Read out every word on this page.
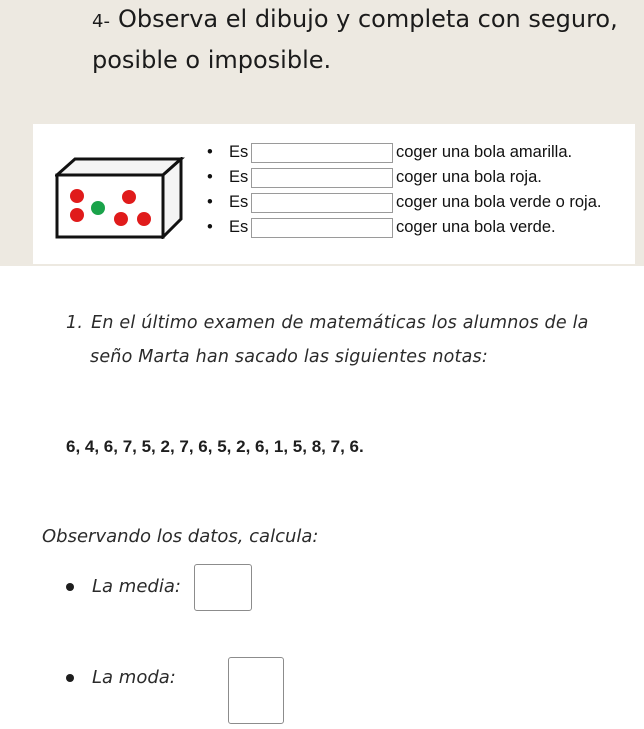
4- Observa el dibujo y completa con seguro,
posible o imposible.
• Es	coger una bola amarilla.
• Es	coger una bola roja.
• Es	coger una bola verde o roja.
• Es	coger una bola verde.
1. En el último examen de matemáticas los alumnos de la
seño Marta han sacado las siguientes notas:
6, 4, 6, 7, 5, 2, 7, 6, 5, 2, 6, 1, 5, 8, 7, 6.
Observando los datos, calcula:
La media:
La moda:
